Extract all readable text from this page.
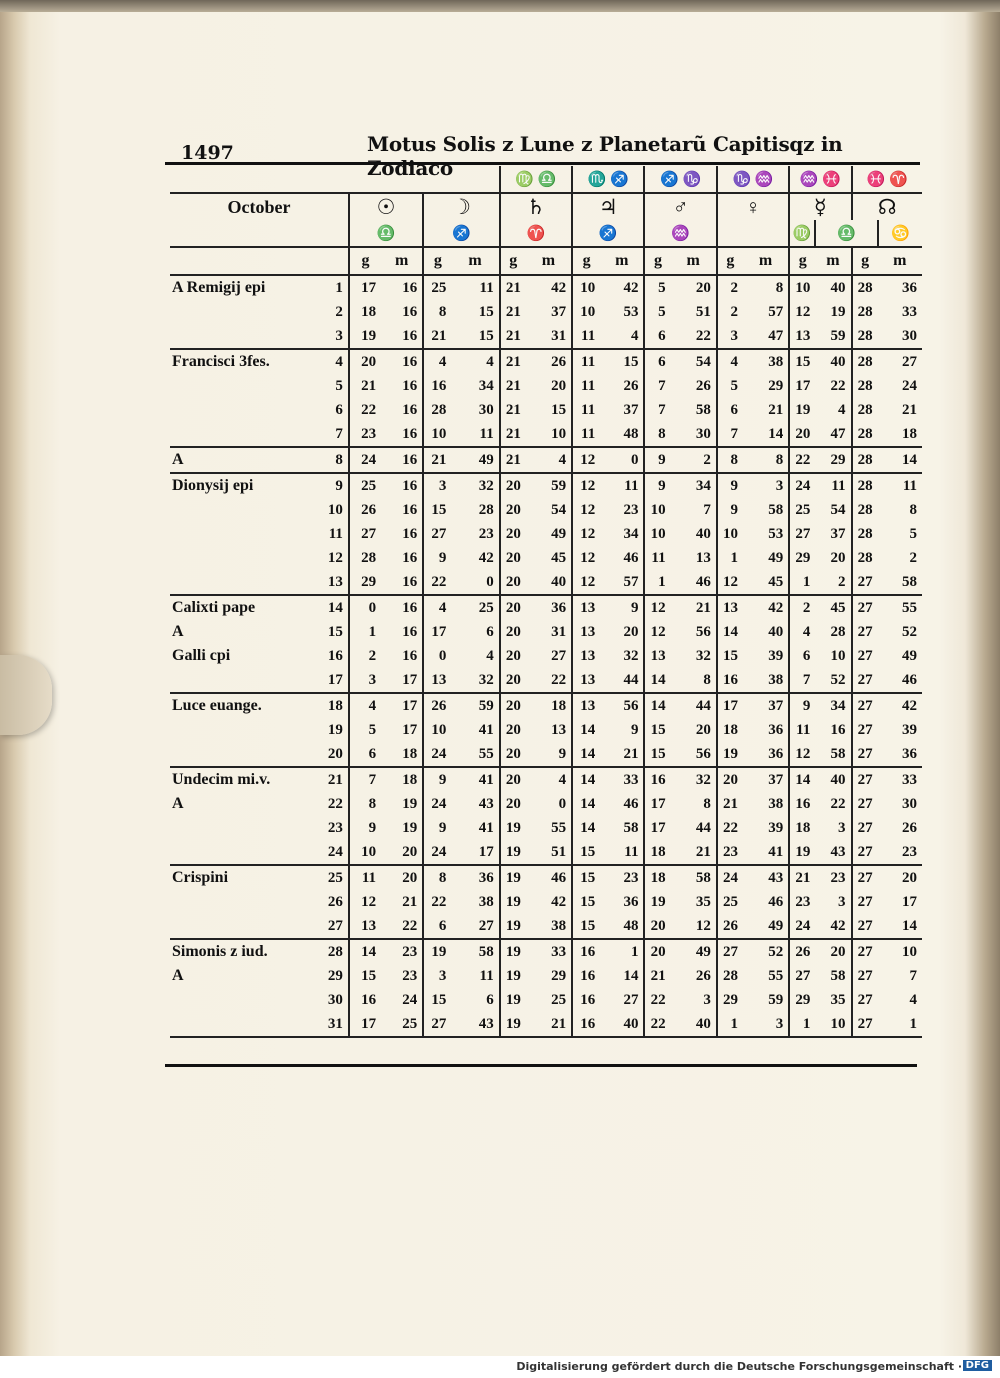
1497	Motus Solis z Lune z Planetarũ Capitisqz in Zodiaco
						♍ ♎		♏ ♐		♐ ♑		♑ ♒		♒ ♓		♓ ♈	
October		☉		☽		♄		♃		♂		♀		☿		☊	
		♎		♐		♈		♐		♒				♍	♎		♋
		g	m	g	m	g	m	g	m	g	m	g	m	g	m	g	m
A Remigij epi	1	17	16	25	11	21	42	10	42	5	20	2	8	10	40	28	36
	2	18	16	8	15	21	37	10	53	5	51	2	57	12	19	28	33
	3	19	16	21	15	21	31	11	4	6	22	3	47	13	59	28	30
Francisci 3fes.	4	20	16	4	4	21	26	11	15	6	54	4	38	15	40	28	27
	5	21	16	16	34	21	20	11	26	7	26	5	29	17	22	28	24
	6	22	16	28	30	21	15	11	37	7	58	6	21	19	4	28	21
	7	23	16	10	11	21	10	11	48	8	30	7	14	20	47	28	18
A	8	24	16	21	49	21	4	12	0	9	2	8	8	22	29	28	14
Dionysij epi	9	25	16	3	32	20	59	12	11	9	34	9	3	24	11	28	11
	10	26	16	15	28	20	54	12	23	10	7	9	58	25	54	28	8
	11	27	16	27	23	20	49	12	34	10	40	10	53	27	37	28	5
	12	28	16	9	42	20	45	12	46	11	13	1	49	29	20	28	2
	13	29	16	22	0	20	40	12	57	1	46	12	45	1	2	27	58
Calixti pape	14	0	16	4	25	20	36	13	9	12	21	13	42	2	45	27	55
A	15	1	16	17	6	20	31	13	20	12	56	14	40	4	28	27	52
Galli cpi	16	2	16	0	4	20	27	13	32	13	32	15	39	6	10	27	49
	17	3	17	13	32	20	22	13	44	14	8	16	38	7	52	27	46
Luce euange.	18	4	17	26	59	20	18	13	56	14	44	17	37	9	34	27	42
	19	5	17	10	41	20	13	14	9	15	20	18	36	11	16	27	39
	20	6	18	24	55	20	9	14	21	15	56	19	36	12	58	27	36
Undecim mi.v.	21	7	18	9	41	20	4	14	33	16	32	20	37	14	40	27	33
A	22	8	19	24	43	20	0	14	46	17	8	21	38	16	22	27	30
	23	9	19	9	41	19	55	14	58	17	44	22	39	18	3	27	26
	24	10	20	24	17	19	51	15	11	18	21	23	41	19	43	27	23
Crispini	25	11	20	8	36	19	46	15	23	18	58	24	43	21	23	27	20
	26	12	21	22	38	19	42	15	36	19	35	25	46	23	3	27	17
	27	13	22	6	27	19	38	15	48	20	12	26	49	24	42	27	14
Simonis z iud.	28	14	23	19	58	19	33	16	1	20	49	27	52	26	20	27	10
A	29	15	23	3	11	19	29	16	14	21	26	28	55	27	58	27	7
	30	16	24	15	6	19	25	16	27	22	3	29	59	29	35	27	4
	31	17	25	27	43	19	21	16	40	22	40	1	3	1	10	27	1
Digitalisierung gefördert durch die Deutsche Forschungsgemeinschaft · DFG
